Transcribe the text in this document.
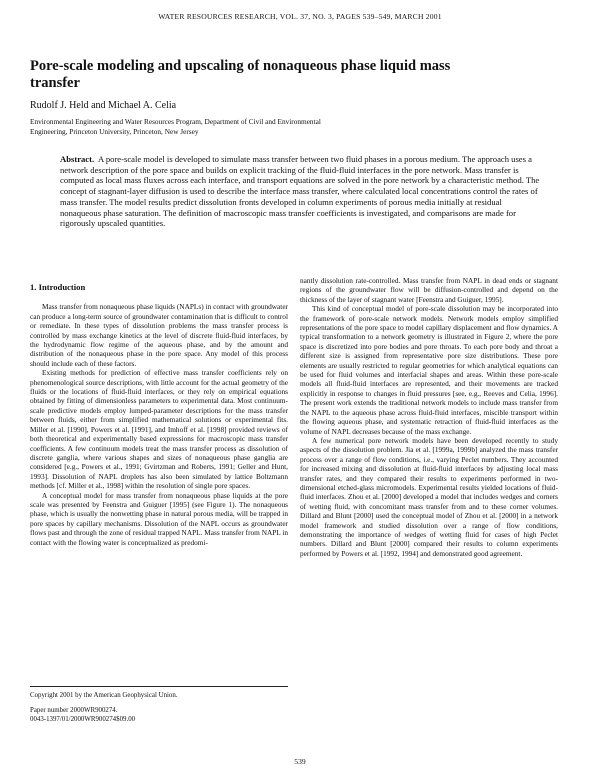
WATER RESOURCES RESEARCH, VOL. 37, NO. 3, PAGES 539–549, MARCH 2001
Pore-scale modeling and upscaling of nonaqueous phase liquid mass transfer
Rudolf J. Held and Michael A. Celia
Environmental Engineering and Water Resources Program, Department of Civil and Environmental
Engineering, Princeton University, Princeton, New Jersey
Abstract. A pore-scale model is developed to simulate mass transfer between two fluid phases in a porous medium. The approach uses a network description of the pore space and builds on explicit tracking of the fluid-fluid interfaces in the pore network. Mass transfer is computed as local mass fluxes across each interface, and transport equations are solved in the pore network by a characteristic method. The concept of stagnant-layer diffusion is used to describe the interface mass transfer, where calculated local concentrations control the rates of mass transfer. The model results predict dissolution fronts developed in column experiments of porous media initially at residual nonaqueous phase saturation. The definition of macroscopic mass transfer coefficients is investigated, and comparisons are made for rigorously upscaled quantities.
1. Introduction

Mass transfer from nonaqueous phase liquids (NAPLs) in contact with groundwater can produce a long-term source of groundwater contamination that is difficult to control or remediate. In these types of dissolution problems the mass transfer process is controlled by mass exchange kinetics at the level of discrete fluid-fluid interfaces, by the hydrodynamic flow regime of the aqueous phase, and by the amount and distribution of the nonaqueous phase in the pore space. Any model of this process should include each of these factors.

Existing methods for prediction of effective mass transfer coefficients rely on phenomenological source descriptions, with little account for the actual geometry of the fluids or the locations of fluid-fluid interfaces, or they rely on empirical equations obtained by fitting of dimensionless parameters to experimental data. Most continuum-scale predictive models employ lumped-parameter descriptions for the mass transfer between fluids, either from simplified mathematical solutions or experimental fits. Miller et al. [1990], Powers et al. [1991], and Imhoff et al. [1998] provided reviews of both theoretical and experimentally based expressions for macroscopic mass transfer coefficients. A few continuum models treat the mass transfer process as dissolution of discrete ganglia, where various shapes and sizes of nonaqueous phase ganglia are considered [e.g., Powers et al., 1991; Gvirtzman and Roberts, 1991; Geller and Hunt, 1993]. Dissolution of NAPL droplets has also been simulated by lattice Boltzmann methods [cf. Miller et al., 1998] within the resolution of single pore spaces.

A conceptual model for mass transfer from nonaqueous phase liquids at the pore scale was presented by Feenstra and Guiguer [1995] (see Figure 1). The nonaqueous phase, which is usually the nonwetting phase in natural porous media, will be trapped in pore spaces by capillary mechanisms. Dissolution of the NAPL occurs as groundwater flows past and through the zone of residual trapped NAPL. Mass transfer from NAPL in contact with the flowing water is conceptualized as predomi-

Copyright 2001 by the American Geophysical Union.
Paper number 2000WR900274.
0043-1397/01/2000WR900274$09.00

nantly dissolution rate-controlled. Mass transfer from NAPL in dead ends or stagnant regions of the groundwater flow will be diffusion-controlled and depend on the thickness of the layer of stagnant water [Feenstra and Guiguer, 1995].

This kind of conceptual model of pore-scale dissolution may be incorporated into the framework of pore-scale network models. Network models employ simplified representations of the pore space to model capillary displacement and flow dynamics. A typical transformation to a network geometry is illustrated in Figure 2, where the pore space is discretized into pore bodies and pore throats. To each pore body and throat a different size is assigned from representative pore size distributions. These pore elements are usually restricted to regular geometries for which analytical equations can be used for fluid volumes and interfacial shapes and areas. Within these pore-scale models all fluid-fluid interfaces are represented, and their movements are tracked explicitly in response to changes in fluid pressures [see, e.g., Reeves and Celia, 1996]. The present work extends the traditional network models to include mass transfer from the NAPL to the aqueous phase across fluid-fluid interfaces, miscible transport within the flowing aqueous phase, and systematic retraction of fluid-fluid interfaces as the volume of NAPL decreases because of the mass exchange.

A few numerical pore network models have been developed recently to study aspects of the dissolution problem. Jia et al. [1999a, 1999b] analyzed the mass transfer process over a range of flow conditions, i.e., varying Peclet numbers. They accounted for increased mixing and dissolution at fluid-fluid interfaces by adjusting local mass transfer rates, and they compared their results to experiments performed in two-dimensional etched-glass micromodels. Experimental results yielded locations of fluid-fluid interfaces. Zhou et al. [2000] developed a model that includes wedges and corners of wetting fluid, with concomitant mass transfer from and to these corner volumes. Dillard and Blunt [2000] used the conceptual model of Zhou et al. [2000] in a network model framework and studied dissolution over a range of flow conditions, demonstrating the importance of wedges of wetting fluid for cases of high Peclet numbers. Dillard and Blunt [2000] compared their results to column experiments performed by Powers et al. [1992, 1994] and demonstrated good agreement.

539
